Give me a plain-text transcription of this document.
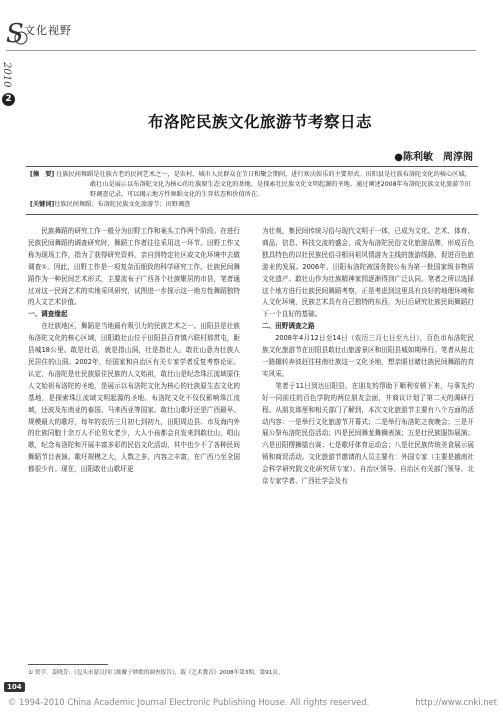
S 文化视野
2010
2
布洛陀民族文化旅游节考察日志
●陈利敏　周淳阁
[摘　要] 壮族民间舞蹈是壮族古老的民间艺术之一，是农村、城市人民群众在节日和聚会期间，进行欢庆娱乐的主要形式。田阳县是壮族布洛陀文化的核心区域，敢壮山是展示以布洛陀文化为核心的壮族原生态文化的基地，是探索壮民族文化文明起源的圣地。通过阐述2008年布洛陀民族文化旅游节田野调查记录，可以揭示地方性舞蹈文化的生存状态和价值所在。
[关键词]壮族民间舞蹈；布洛陀民族文化旅游节；田野调查

民族舞蹈的研究工作一般分为田野工作和案头工作两个阶段。在进行民族民间舞蹈的调查研究时，舞蹈工作者往往采用这一环节。田野工作又称为现场工作，指为了获得研究资料，亲自到特定社区或文化环境中去做调查①。因此，田野工作是一项复杂而细致的科学研究工作。壮族民间舞蹈作为一种民间艺术形式，主要流布于广西各个壮族聚居的市县，笔者通过对这一民间艺术的实地采风研究，试图进一步探示这一地方性舞蹈独特的人文艺术价值。

一、调查缘起

在壮族地区，舞蹈是当地最有吸引力的民族艺术之一。田阳县是壮族布洛陀文化的核心区域，田阳敢壮山位于田阳县百育镇六联村那贯屯，距县城18公里。敢是壮语，就是指山洞，壮是指壮人，敢壮山意为壮族人民居住的山洞。2002年，经国家和自治区有关专家学者反复考察论证、认定，布洛陀是壮民族原住民族的人文始祖，敢壮山是纪念珠江流域原住人文始祖布洛陀的圣地，是展示以布洛陀文化为核心的壮族原生态文化的基地，是探索珠江流域文明起源的圣地。布洛陀文化不仅仅影响珠江流域，还波及东南亚的泰国、马来西亚等国家。敢壮山歌圩还是广西最早、规模最大的歌圩，每年的农历三月初七到初九，田阳周边县、市及海内外的壮族同胞十余万人不论男女老少，大人小孩都会自发来到敢壮山，唱山歌，纪念布洛陀和开展丰富多彩的民俗文化活动，其中也少不了各种民间舞蹈节目表演。歌圩规模之大，人数之多，内容之丰富，在广西乃至全国都很少有。现在，田阳敢壮山歌圩更

为壮观，集民间传统习俗与现代文明于一体，已成为文化、艺术、体育、商品、信息、科技交流的盛会，成为布洛陀民俗文化旅游品牌，形成百色独具特色的以壮民族民俗寻根问祖风情游为主线的旅游线路，促进百色旅游业的发展。2006年，田阳布洛陀被国务院公布为第一批国家级非物质文化遗产。敢壮山作为壮族精神家园逐渐得到广泛认同。笔者之所以选择这个地方进行壮族民间舞蹈考察，正是考虑到这里具有良好的地理环境和人文化环境，民族艺术具有自己独特的东西，为日后研究壮族民间舞蹈打下一个良好的基础。

二、田野调查之路

2008年4月12日至14日（农历三月七日至九日），百色市布洛陀民族文化旅游节在田阳县敢壮山旅游景区和田阳县城如期举行。笔者从桂北一路辗转奔波赶往桂南壮族这一文化圣地，想亲眼目睹壮族民间舞蹈的真实风采。

笔者于11日到达田阳县，在朋友的帮助下顺利安顿下来，与事先约好一同前往的百色学院的两位朋友会面，并商议计划了第二天的调研行程。从朋友那里和相关部门了解到，本次文化旅游节主要有八个方面的活动内容：一是举行文化旅游节开幕式；二是举行布洛陀之夜晚会；三是开展公祭布洛陀民俗活动；四是民间舞龙舞狮表演；五是壮民族服饰展演；六是田阳楞狮擂台赛；七是歌圩体育运动会；八是壮民族传统美食展示展销和商贸活动。文化旅游节邀请的人员主要有：外国专家（主要是越南社会科学研究院文化研究所专家）、自治区领导、自治区有关部门领导、北京专家学者、广西壮学会及有

① 贺学、姜晓芳：《包头市蒙汉四门拙瓣子秧歌的调查报告》，载《艺术教育》2008年第3期，第91页。
104
© 1994-2010 China Academic Journal Electronic Publishing House. All rights reserved.	http://www.cnki.net
